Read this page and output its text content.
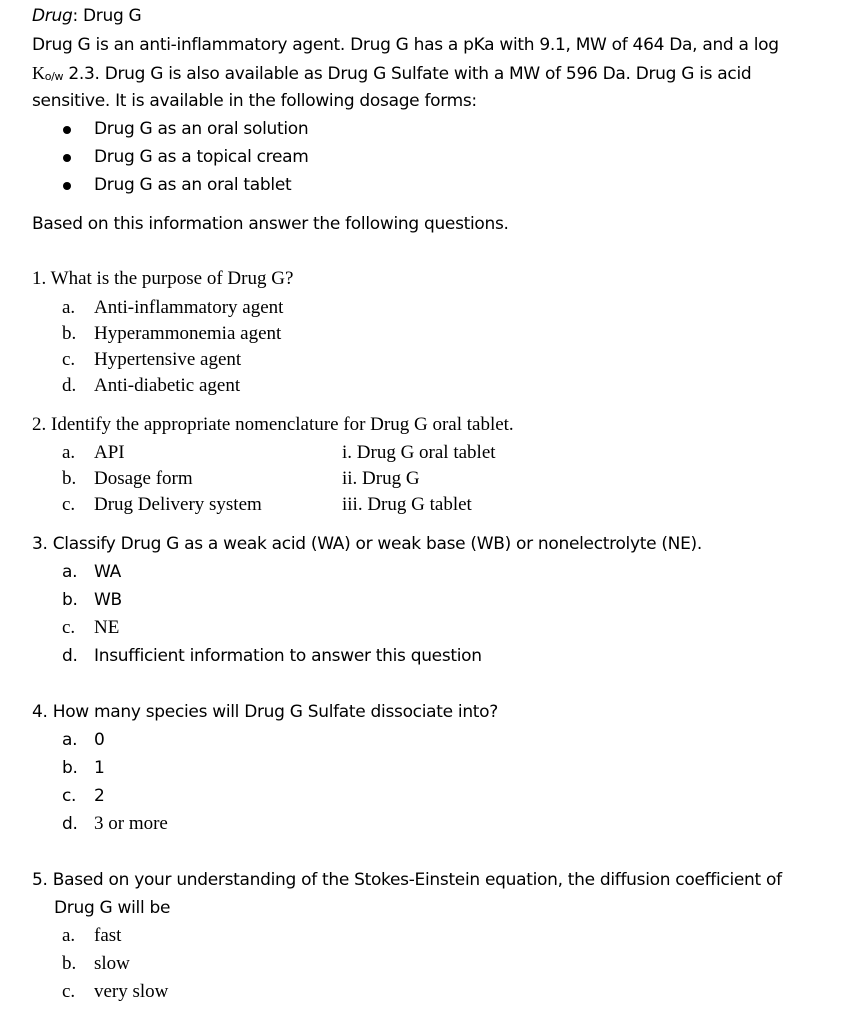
Drug: Drug G
Drug G is an anti-inflammatory agent. Drug G has a pKa with 9.1, MW of 464 Da, and a log
Ko/w 2.3. Drug G is also available as Drug G Sulfate with a MW of 596 Da. Drug G is acid
sensitive. It is available in the following dosage forms:
Drug G as an oral solution
Drug G as a topical cream
Drug G as an oral tablet
Based on this information answer the following questions.
1. What is the purpose of Drug G?
a. Anti-inflammatory agent
b. Hyperammonemia agent
c. Hypertensive agent
d. Anti-diabetic agent
2. Identify the appropriate nomenclature for Drug G oral tablet.
a. API
b. Dosage form
c. Drug Delivery system
i. Drug G oral tablet
ii. Drug G
iii. Drug G tablet
3. Classify Drug G as a weak acid (WA) or weak base (WB) or nonelectrolyte (NE).
a. WA
b. WB
c. NE
d. Insufficient information to answer this question
4. How many species will Drug G Sulfate dissociate into?
a. 0
b. 1
c. 2
d. 3 or more
5. Based on your understanding of the Stokes-Einstein equation, the diffusion coefficient of
Drug G will be
a. fast
b. slow
c. very slow
